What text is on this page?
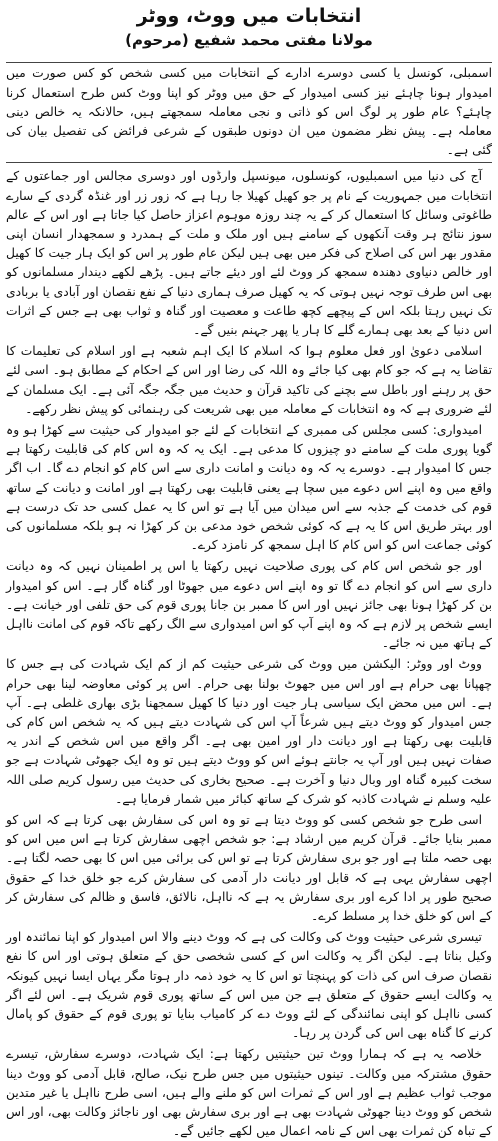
انتخابات میں ووٹ، ووٹر
مولانا مفتی محمد شفیع (مرحوم)

اسمبلی، کونسل یا کسی دوسرے ادارے کے انتخابات میں کسی شخص کو کس صورت میں امیدوار ہونا چاہئے نیز کسی امیدوار کے حق میں ووٹر کو اپنا ووٹ کس طرح استعمال کرنا چاہئے؟ عام طور پر لوگ اس کو ذاتی و نجی معاملہ سمجھتے ہیں، حالانکہ یہ خالص دینی معاملہ ہے۔ پیش نظر مضمون میں ان دونوں طبقوں کے شرعی فرائض کی تفصیل بیان کی گئی ہے۔

آج کی دنیا میں اسمبلیوں، کونسلوں، میونسپل وارڈوں اور دوسری مجالس اور جماعتوں کے انتخابات میں جمہوریت کے نام پر جو کھیل کھیلا جا رہا ہے کہ زور زر اور غنڈہ گردی کے سارے طاغوتی وسائل کا استعمال کر کے یہ چند روزہ موہوم اعزاز حاصل کیا جاتا ہے اور اس کے عالم سوز نتائج ہر وقت آنکھوں کے سامنے ہیں اور ملک و ملت کے ہمدرد و سمجھدار انسان اپنی مقدور بھر اس کی اصلاح کی فکر میں بھی ہیں لیکن عام طور پر اس کو ایک ہار جیت کا کھیل اور خالص دنیاوی دھندہ سمجھ کر ووٹ لئے اور دیئے جاتے ہیں۔ پڑھے لکھے دیندار مسلمانوں کو بھی اس طرف توجہ نہیں ہوتی کہ یہ کھیل صرف ہماری دنیا کے نفع نقصان اور آبادی یا بربادی تک نہیں رہتا بلکہ اس کے پیچھے کچھ طاعت و معصیت اور گناہ و ثواب بھی ہے جس کے اثرات اس دنیا کے بعد بھی ہمارے گلے کا ہار یا پھر جہنم بنیں گے۔

اسلامی دعویٰ اور فعل معلوم ہوا کہ اسلام کا ایک اہم شعبہ ہے اور اسلام کی تعلیمات کا تقاضا یہ ہے کہ جو کام بھی کیا جائے وہ اللہ کی رضا اور اس کے احکام کے مطابق ہو۔ اسی لئے حق پر رہنے اور باطل سے بچنے کی تاکید قرآن و حدیث میں جگہ جگہ آئی ہے۔ ایک مسلمان کے لئے ضروری ہے کہ وہ انتخابات کے معاملہ میں بھی شریعت کی رہنمائی کو پیش نظر رکھے۔

امیدواری: کسی مجلس کی ممبری کے انتخابات کے لئے جو امیدوار کی حیثیت سے کھڑا ہو وہ گویا پوری ملت کے سامنے دو چیزوں کا مدعی ہے۔ ایک یہ کہ وہ اس کام کی قابلیت رکھتا ہے جس کا امیدوار ہے۔ دوسرے یہ کہ وہ دیانت و امانت داری سے اس کام کو انجام دے گا۔ اب اگر واقع میں وہ اپنے اس دعوے میں سچا ہے یعنی قابلیت بھی رکھتا ہے اور امانت و دیانت کے ساتھ قوم کی خدمت کے جذبہ سے اس میدان میں آیا ہے تو اس کا یہ عمل کسی حد تک درست ہے اور بہتر طریق اس کا یہ ہے کہ کوئی شخص خود مدعی بن کر کھڑا نہ ہو بلکہ مسلمانوں کی کوئی جماعت اس کو اس کام کا اہل سمجھ کر نامزد کرے۔

اور جو شخص اس کام کی پوری صلاحیت نہیں رکھتا یا اس پر اطمینان نہیں کہ وہ دیانت داری سے اس کو انجام دے گا تو وہ اپنے اس دعوے میں جھوٹا اور گناہ گار ہے۔ اس کو امیدوار بن کر کھڑا ہونا بھی جائز نہیں اور اس کا ممبر بن جانا پوری قوم کی حق تلفی اور خیانت ہے۔ ایسے شخص پر لازم ہے کہ وہ اپنے آپ کو اس امیدواری سے الگ رکھے تاکہ قوم کی امانت نااہل کے ہاتھ میں نہ جائے۔

ووٹ اور ووٹر: الیکشن میں ووٹ کی شرعی حیثیت کم از کم ایک شہادت کی ہے جس کا چھپانا بھی حرام ہے اور اس میں جھوٹ بولنا بھی حرام۔ اس پر کوئی معاوضہ لینا بھی حرام ہے۔ اس میں محض ایک سیاسی ہار جیت اور دنیا کا کھیل سمجھنا بڑی بھاری غلطی ہے۔ آپ جس امیدوار کو ووٹ دیتے ہیں شرعاً آپ اس کی شہادت دیتے ہیں کہ یہ شخص اس کام کی قابلیت بھی رکھتا ہے اور دیانت دار اور امین بھی ہے۔ اگر واقع میں اس شخص کے اندر یہ صفات نہیں ہیں اور آپ یہ جانتے ہوئے اس کو ووٹ دیتے ہیں تو وہ ایک جھوٹی شہادت ہے جو سخت کبیرہ گناہ اور وبال دنیا و آخرت ہے۔ صحیح بخاری کی حدیث میں رسول کریم صلی اللہ علیہ وسلم نے شہادت کاذبہ کو شرک کے ساتھ کبائر میں شمار فرمایا ہے۔

اسی طرح جو شخص کسی کو ووٹ دیتا ہے تو وہ اس کی سفارش بھی کرتا ہے کہ اس کو ممبر بنایا جائے۔ قرآن کریم میں ارشاد ہے: جو شخص اچھی سفارش کرتا ہے اس میں اس کو بھی حصہ ملتا ہے اور جو بری سفارش کرتا ہے تو اس کی برائی میں اس کا بھی حصہ لگتا ہے۔ اچھی سفارش یہی ہے کہ قابل اور دیانت دار آدمی کی سفارش کرے جو خلق خدا کے حقوق صحیح طور پر ادا کرے اور بری سفارش یہ ہے کہ نااہل، نالائق، فاسق و ظالم کی سفارش کر کے اس کو خلق خدا پر مسلط کرے۔

تیسری شرعی حیثیت ووٹ کی وکالت کی ہے کہ ووٹ دینے والا اس امیدوار کو اپنا نمائندہ اور وکیل بناتا ہے۔ لیکن اگر یہ وکالت اس کے کسی شخصی حق کے متعلق ہوتی اور اس کا نفع نقصان صرف اس کی ذات کو پہنچتا تو اس کا یہ خود ذمہ دار ہوتا مگر یہاں ایسا نہیں کیونکہ یہ وکالت ایسے حقوق کے متعلق ہے جن میں اس کے ساتھ پوری قوم شریک ہے۔ اس لئے اگر کسی نااہل کو اپنی نمائندگی کے لئے ووٹ دے کر کامیاب بنایا تو پوری قوم کے حقوق کو پامال کرنے کا گناہ بھی اس کی گردن پر رہا۔

خلاصہ یہ ہے کہ ہمارا ووٹ تین حیثیتیں رکھتا ہے: ایک شہادت، دوسرے سفارش، تیسرے حقوق مشترکہ میں وکالت۔ تینوں حیثیتوں میں جس طرح نیک، صالح، قابل آدمی کو ووٹ دینا موجب ثواب عظیم ہے اور اس کے ثمرات اس کو ملنے والے ہیں، اسی طرح نااہل یا غیر متدین شخص کو ووٹ دینا جھوٹی شہادت بھی ہے اور بری سفارش بھی اور ناجائز وکالت بھی، اور اس کے تباہ کن ثمرات بھی اس کے نامہ اعمال میں لکھے جائیں گے۔
